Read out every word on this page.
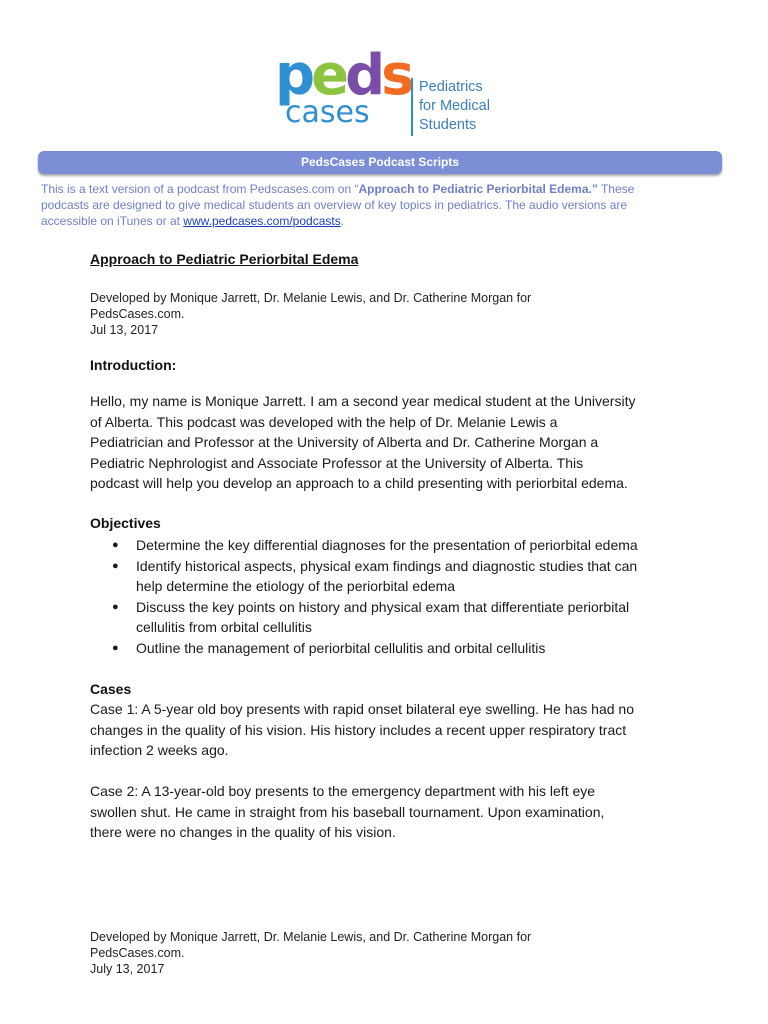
peds
cases
Pediatrics
for Medical
Students
PedsCases Podcast Scripts
This is a text version of a podcast from Pedscases.com on “Approach to Pediatric Periorbital Edema.” These
podcasts are designed to give medical students an overview of key topics in pediatrics. The audio versions are
accessible on iTunes or at www.pedcases.com/podcasts.
Approach to Pediatric Periorbital Edema
Developed by Monique Jarrett, Dr. Melanie Lewis, and Dr. Catherine Morgan for
PedsCases.com.
Jul 13, 2017
Introduction:
Hello, my name is Monique Jarrett. I am a second year medical student at the University
of Alberta. This podcast was developed with the help of Dr. Melanie Lewis a
Pediatrician and Professor at the University of Alberta and Dr. Catherine Morgan a
Pediatric Nephrologist and Associate Professor at the University of Alberta. This
podcast will help you develop an approach to a child presenting with periorbital edema.
Objectives
● Determine the key differential diagnoses for the presentation of periorbital edema
● Identify historical aspects, physical exam findings and diagnostic studies that can
help determine the etiology of the periorbital edema
● Discuss the key points on history and physical exam that differentiate periorbital
cellulitis from orbital cellulitis
● Outline the management of periorbital cellulitis and orbital cellulitis
Cases
Case 1: A 5-year old boy presents with rapid onset bilateral eye swelling. He has had no
changes in the quality of his vision. His history includes a recent upper respiratory tract
infection 2 weeks ago.
Case 2: A 13-year-old boy presents to the emergency department with his left eye
swollen shut. He came in straight from his baseball tournament. Upon examination,
there were no changes in the quality of his vision.
Developed by Monique Jarrett, Dr. Melanie Lewis, and Dr. Catherine Morgan for
PedsCases.com.
July 13, 2017
